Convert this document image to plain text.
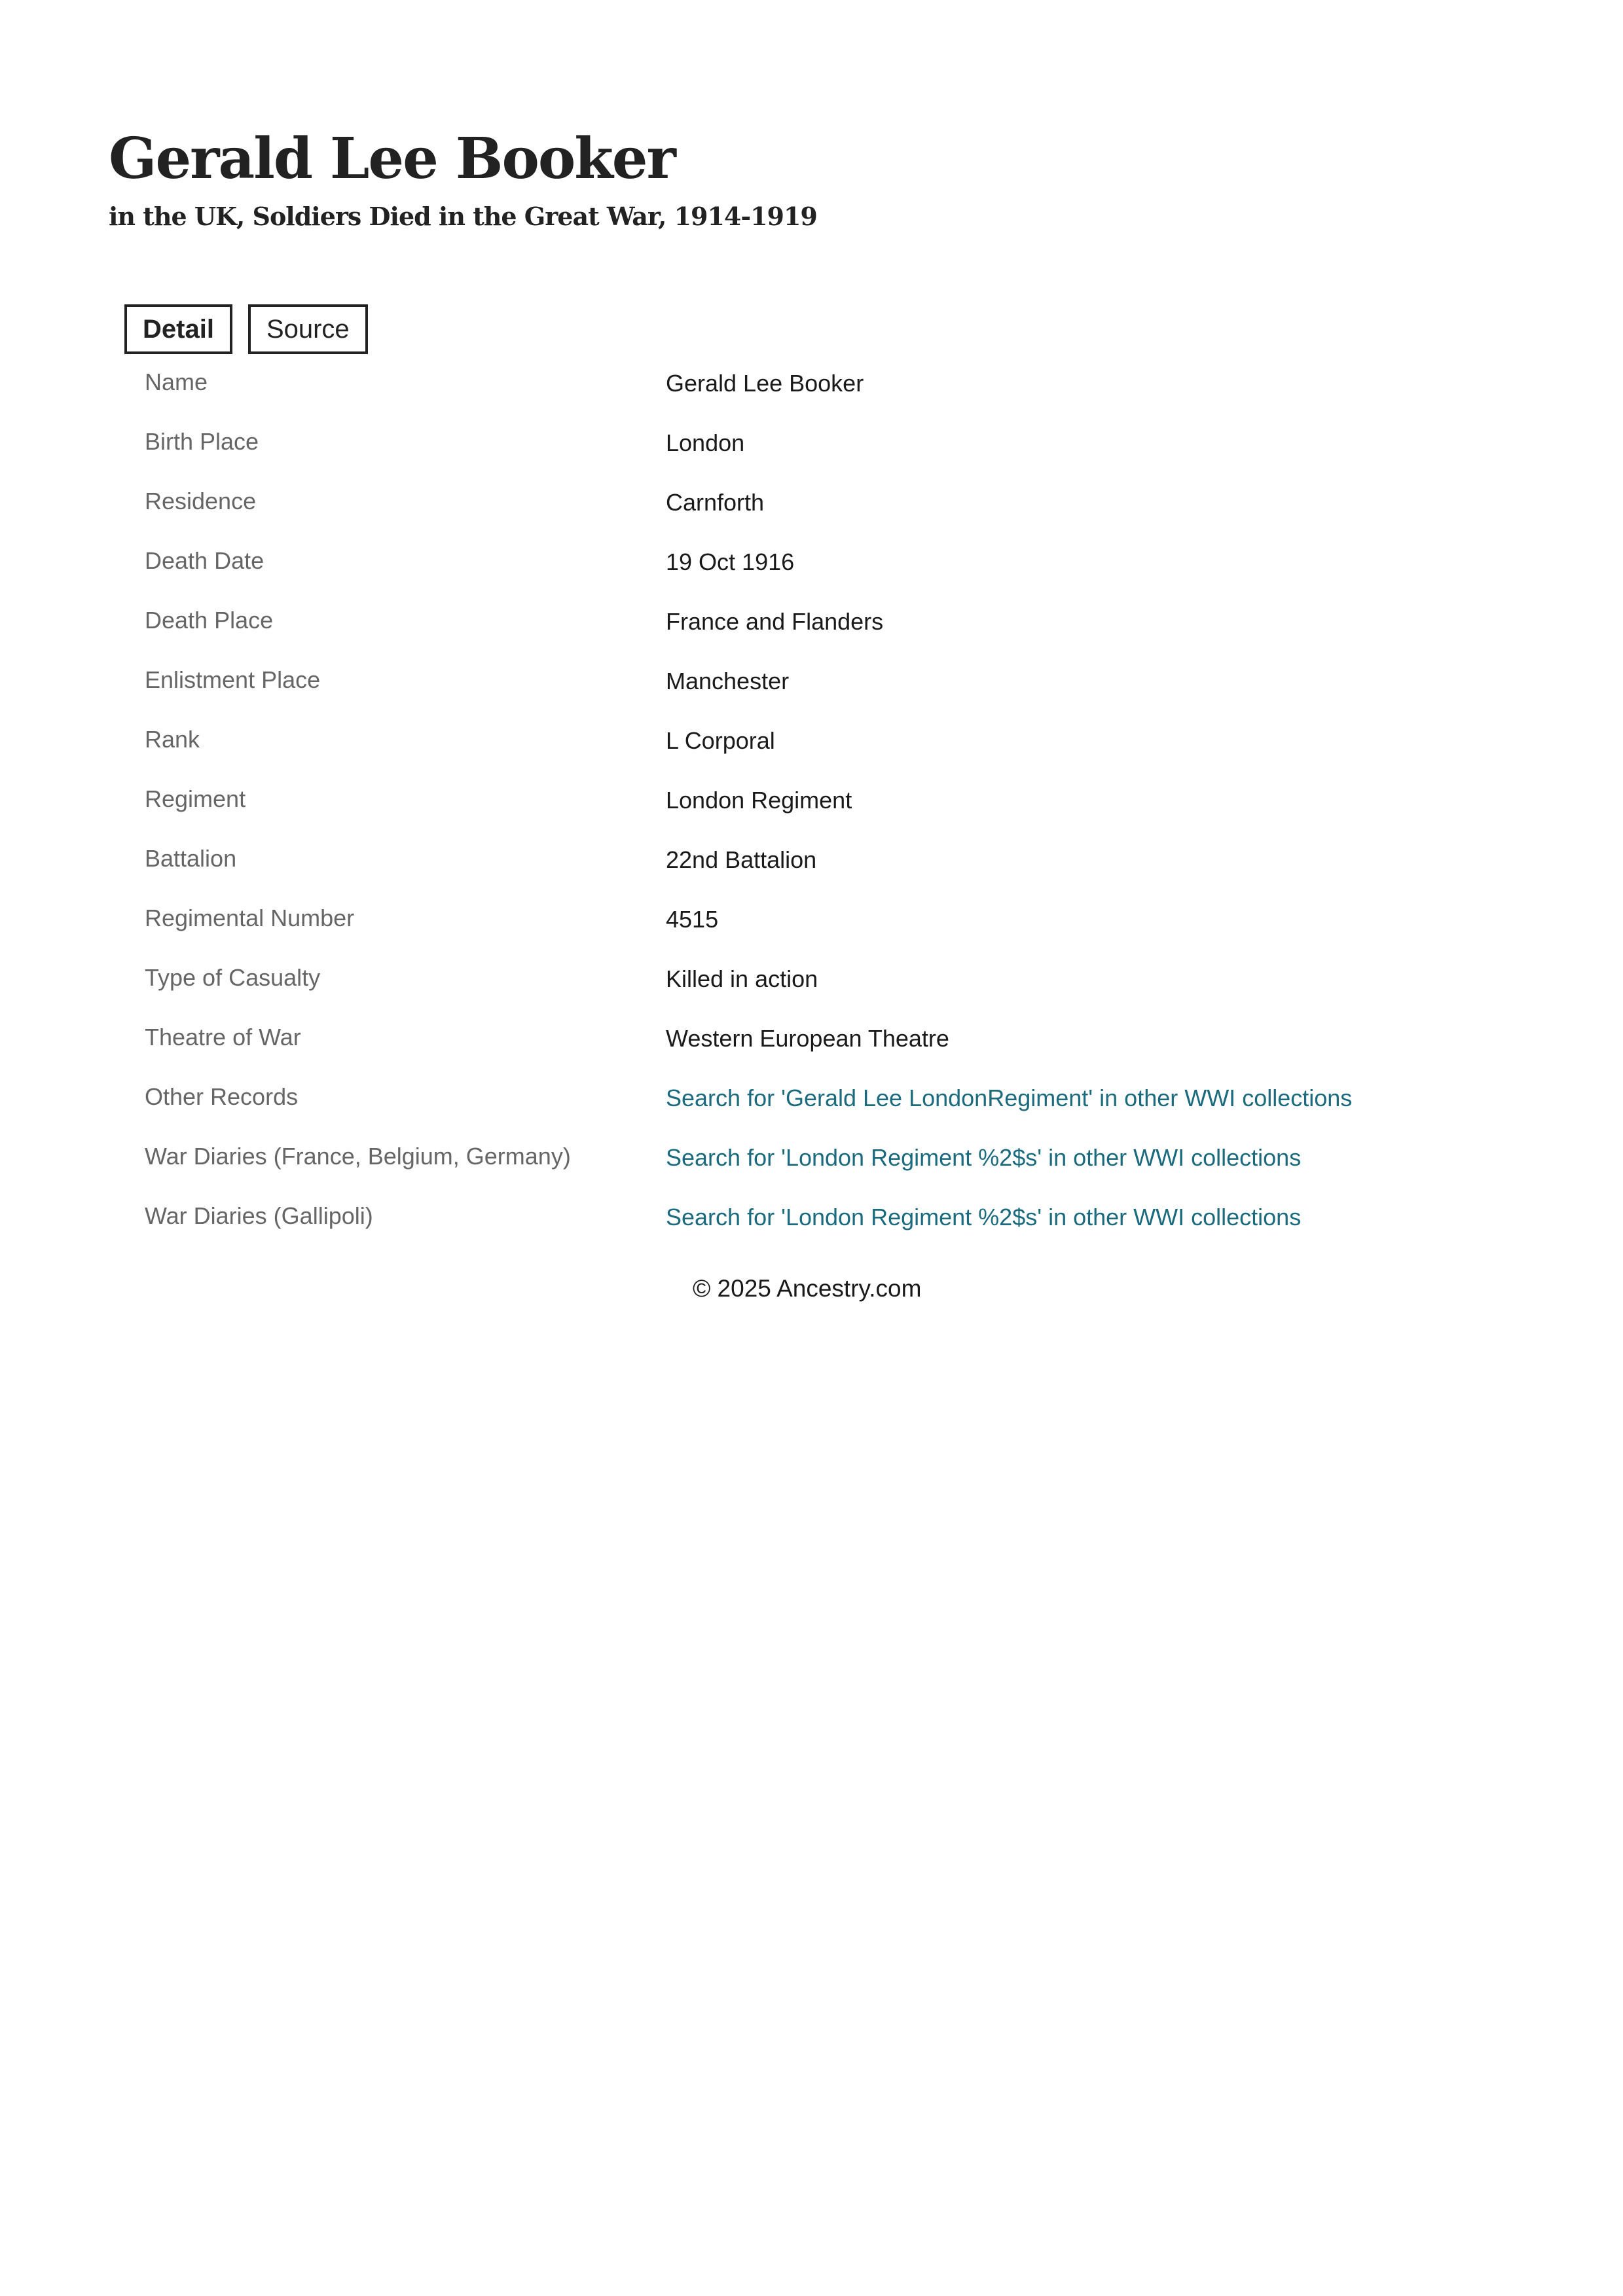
Gerald Lee Booker
in the UK, Soldiers Died in the Great War, 1914-1919
Detail	Source
Name	Gerald Lee Booker
Birth Place	London
Residence	Carnforth
Death Date	19 Oct 1916
Death Place	France and Flanders
Enlistment Place	Manchester
Rank	L Corporal
Regiment	London Regiment
Battalion	22nd Battalion
Regimental Number	4515
Type of Casualty	Killed in action
Theatre of War	Western European Theatre
Other Records	Search for 'Gerald Lee LondonRegiment' in other WWI collections
War Diaries (France, Belgium, Germany)	Search for 'London Regiment %2$s' in other WWI collections
War Diaries (Gallipoli)	Search for 'London Regiment %2$s' in other WWI collections
© 2025 Ancestry.com
